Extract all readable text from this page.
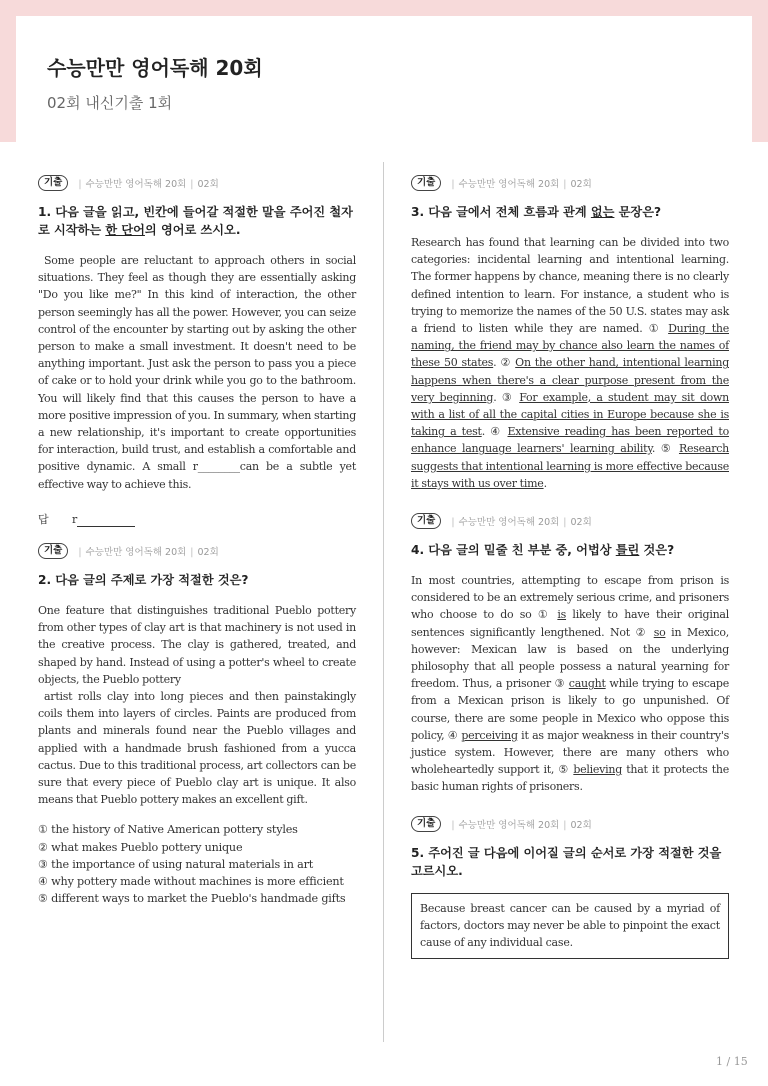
수능만만 영어독해 20회
02회 내신기출 1회
기출	| 수능만만 영어독해 20회 | 02회
1. 다음 글을 읽고, 빈칸에 들어갈 적절한 말을 주어진 철자로 시작하는 한 단어의 영어로 쓰시오.

Some people are reluctant to approach others in social situations. They feel as though they are essentially asking "Do you like me?" In this kind of interaction, the other person seemingly has all the power. However, you can seize control of the encounter by starting out by asking the other person to make a small investment. It doesn't need to be anything important. Just ask the person to pass you a piece of cake or to hold your drink while you go to the bathroom. You will likely find that this causes the person to have a more positive impression of you. In summary, when starting a new relationship, it's important to create opportunities for interaction, build trust, and establish a comfortable and positive dynamic. A small r________can be a subtle yet effective way to achieve this.

답 r
기출	| 수능만만 영어독해 20회 | 02회
2. 다음 글의 주제로 가장 적절한 것은?

One feature that distinguishes traditional Pueblo pottery from other types of clay art is that machinery is not used in the creative process. The clay is gathered, treated, and shaped by hand. Instead of using a potter's wheel to create objects, the Pueblo pottery

artist rolls clay into long pieces and then painstakingly coils them into layers of circles. Paints are produced from plants and minerals found near the Pueblo villages and applied with a handmade brush fashioned from a yucca cactus. Due to this traditional process, art collectors can be sure that every piece of Pueblo clay art is unique. It also means that Pueblo pottery makes an excellent gift.

① the history of Native American pottery styles
② what makes Pueblo pottery unique
③ the importance of using natural materials in art
④ why pottery made without machines is more efficient
⑤ different ways to market the Pueblo's handmade gifts
기출	| 수능만만 영어독해 20회 | 02회
3. 다음 글에서 전체 흐름과 관계 없는 문장은?

Research has found that learning can be divided into two categories: incidental learning and intentional learning. The former happens by chance, meaning there is no clearly defined intention to learn. For instance, a student who is trying to memorize the names of the 50 U.S. states may ask a friend to listen while they are named. ① During the naming, the friend may by chance also learn the names of these 50 states. ② On the other hand, intentional learning happens when there's a clear purpose present from the very beginning. ③ For example, a student may sit down with a list of all the capital cities in Europe because she is taking a test. ④ Extensive reading has been reported to enhance language learners' learning ability. ⑤ Research suggests that intentional learning is more effective because it stays with us over time.

기출	| 수능만만 영어독해 20회 | 02회
4. 다음 글의 밑줄 친 부분 중, 어법상 틀린 것은?

In most countries, attempting to escape from prison is considered to be an extremely serious crime, and prisoners who choose to do so ① is likely to have their original sentences significantly lengthened. Not ② so in Mexico, however: Mexican law is based on the underlying philosophy that all people possess a natural yearning for freedom. Thus, a prisoner ③ caught while trying to escape from a Mexican prison is likely to go unpunished. Of course, there are some people in Mexico who oppose this policy, ④ perceiving it as major weakness in their country's justice system. However, there are many others who wholeheartedly support it, ⑤ believing that it protects the basic human rights of prisoners.

기출	| 수능만만 영어독해 20회 | 02회
5. 주어진 글 다음에 이어질 글의 순서로 가장 적절한 것을 고르시오.
Because breast cancer can be caused by a myriad of factors, doctors may never be able to pinpoint the exact cause of any individual case.
1 / 15
